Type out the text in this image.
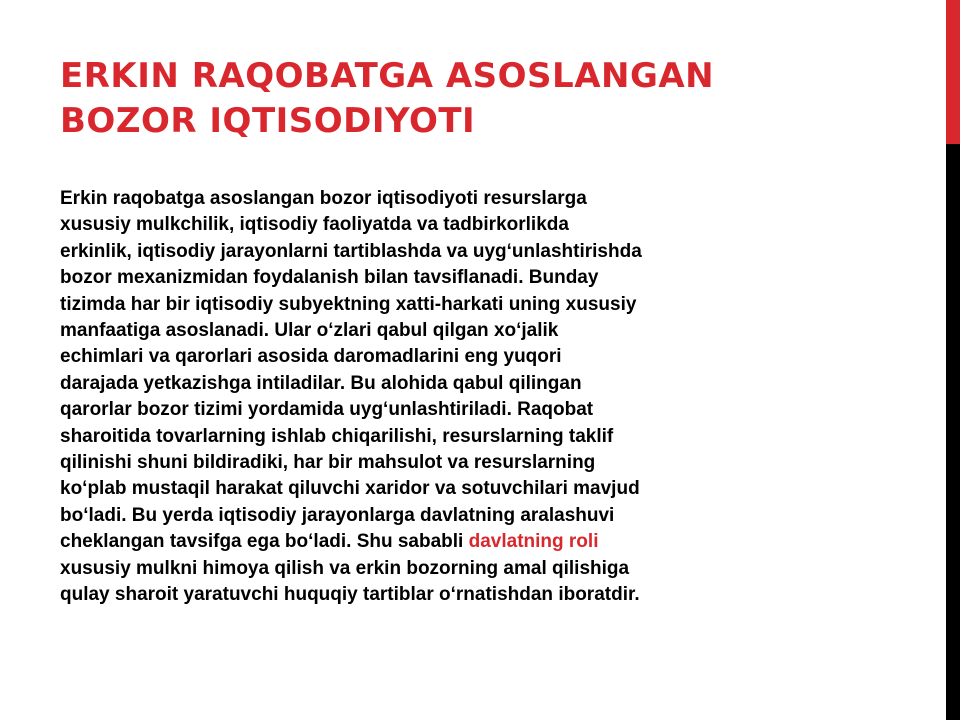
ERKIN RAQOBATGA ASOSLANGAN
BOZOR IQTISODIYOTI
Erkin raqobatga asoslangan bozor iqtisodiyoti resurslarga
xususiy mulkchilik, iqtisodiy faoliyatda va tadbirkorlikda
erkinlik, iqtisodiy jarayonlarni tartiblashda va uyg‘unlashtirishda
bozor mexanizmidan foydalanish bilan tavsiflanadi. Bunday
tizimda har bir iqtisodiy subyektning xatti-harkati uning xususiy
manfaatiga asoslanadi. Ular o‘zlari qabul qilgan xo‘jalik
echimlari va qarorlari asosida daromadlarini eng yuqori
darajada yetkazishga intiladilar. Bu alohida qabul qilingan
qarorlar bozor tizimi yordamida uyg‘unlashtiriladi. Raqobat
sharoitida tovarlarning ishlab chiqarilishi, resurslarning taklif
qilinishi shuni bildiradiki, har bir mahsulot va resurslarning
ko‘plab mustaqil harakat qiluvchi xaridor va sotuvchilari mavjud
bo‘ladi. Bu yerda iqtisodiy jarayonlarga davlatning aralashuvi
cheklangan tavsifga ega bo‘ladi. Shu sababli davlatning roli
xususiy mulkni himoya qilish va erkin bozorning amal qilishiga
qulay sharoit yaratuvchi huquqiy tartiblar o‘rnatishdan iboratdir.
